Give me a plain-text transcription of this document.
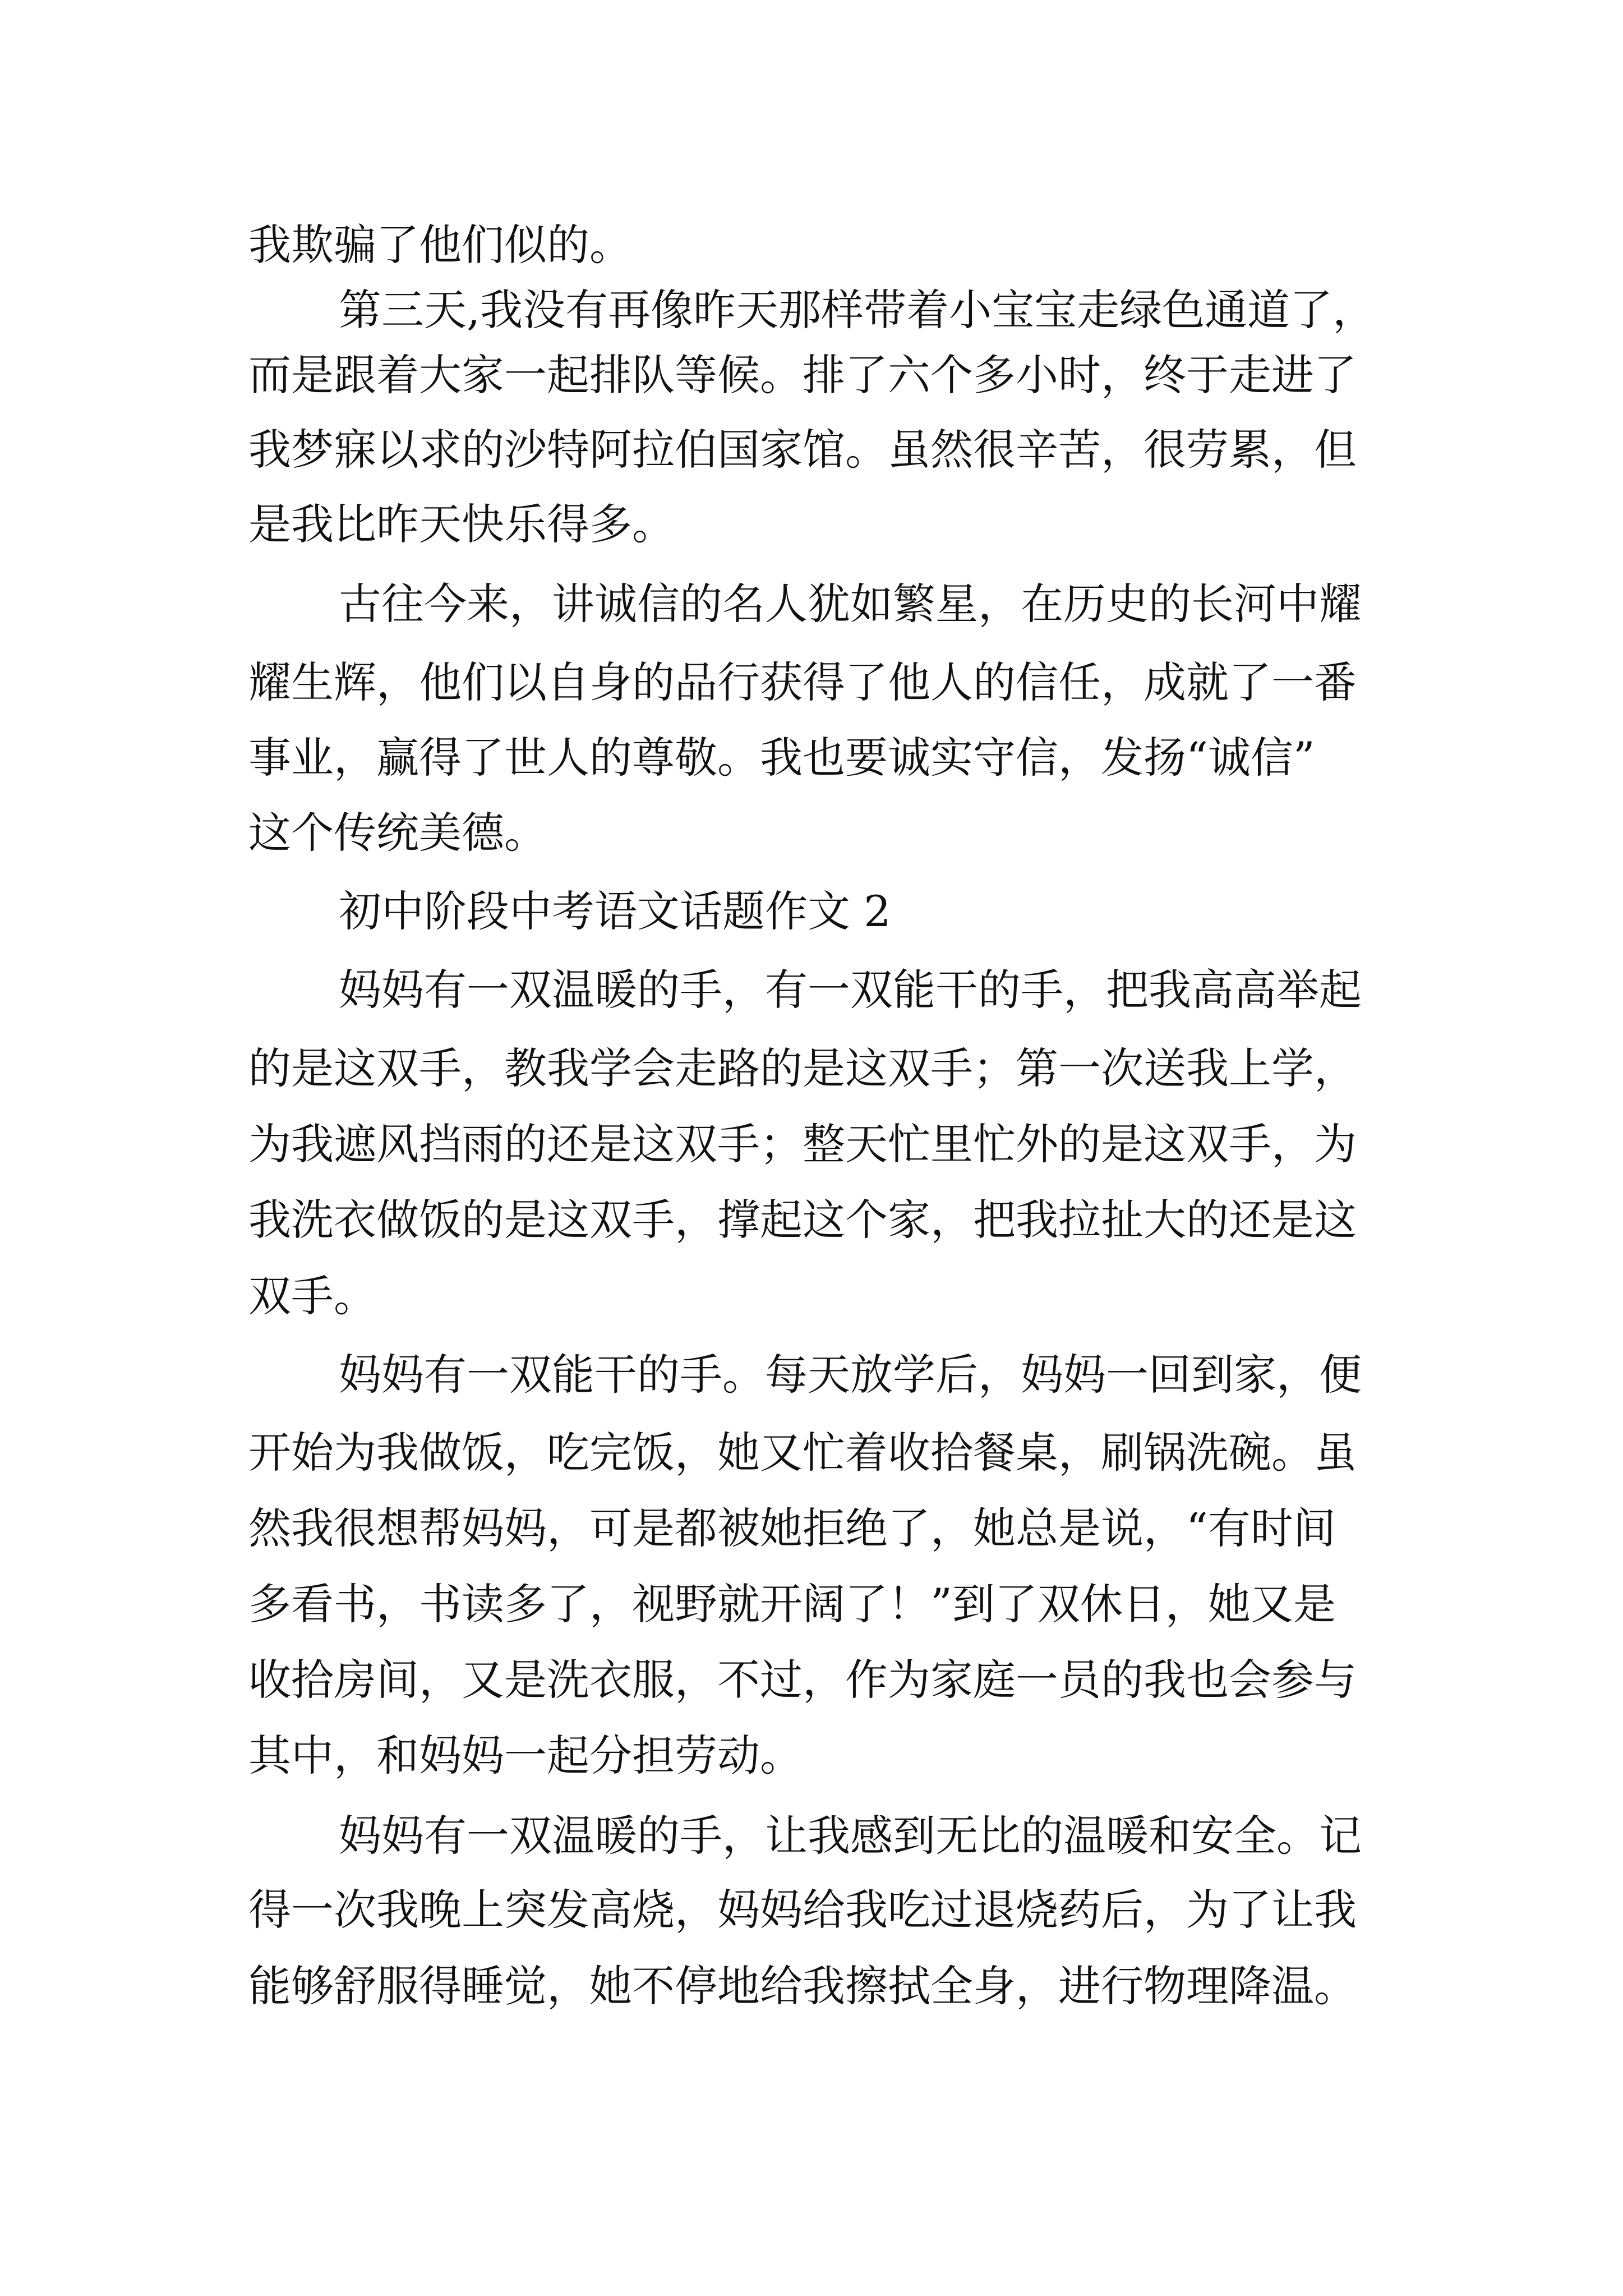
我欺骗了他们似的。
第三天,我没有再像昨天那样带着小宝宝走绿色通道了，
而是跟着大家一起排队等候。排了六个多小时，终于走进了
我梦寐以求的沙特阿拉伯国家馆。虽然很辛苦，很劳累，但
是我比昨天快乐得多。
古往今来，讲诚信的名人犹如繁星，在历史的长河中耀
耀生辉，他们以自身的品行获得了他人的信任，成就了一番
事业，赢得了世人的尊敬。我也要诚实守信，发扬“诚信”
这个传统美德。
初中阶段中考语文话题作文 2
妈妈有一双温暖的手，有一双能干的手，把我高高举起
的是这双手，教我学会走路的是这双手；第一次送我上学，
为我遮风挡雨的还是这双手；整天忙里忙外的是这双手，为
我洗衣做饭的是这双手，撑起这个家，把我拉扯大的还是这
双手。
妈妈有一双能干的手。每天放学后，妈妈一回到家，便
开始为我做饭，吃完饭，她又忙着收拾餐桌，刷锅洗碗。虽
然我很想帮妈妈，可是都被她拒绝了，她总是说，“有时间
多看书，书读多了，视野就开阔了！”到了双休日，她又是
收拾房间，又是洗衣服，不过，作为家庭一员的我也会参与
其中，和妈妈一起分担劳动。
妈妈有一双温暖的手，让我感到无比的温暖和安全。记
得一次我晚上突发高烧，妈妈给我吃过退烧药后，为了让我
能够舒服得睡觉，她不停地给我擦拭全身，进行物理降温。
